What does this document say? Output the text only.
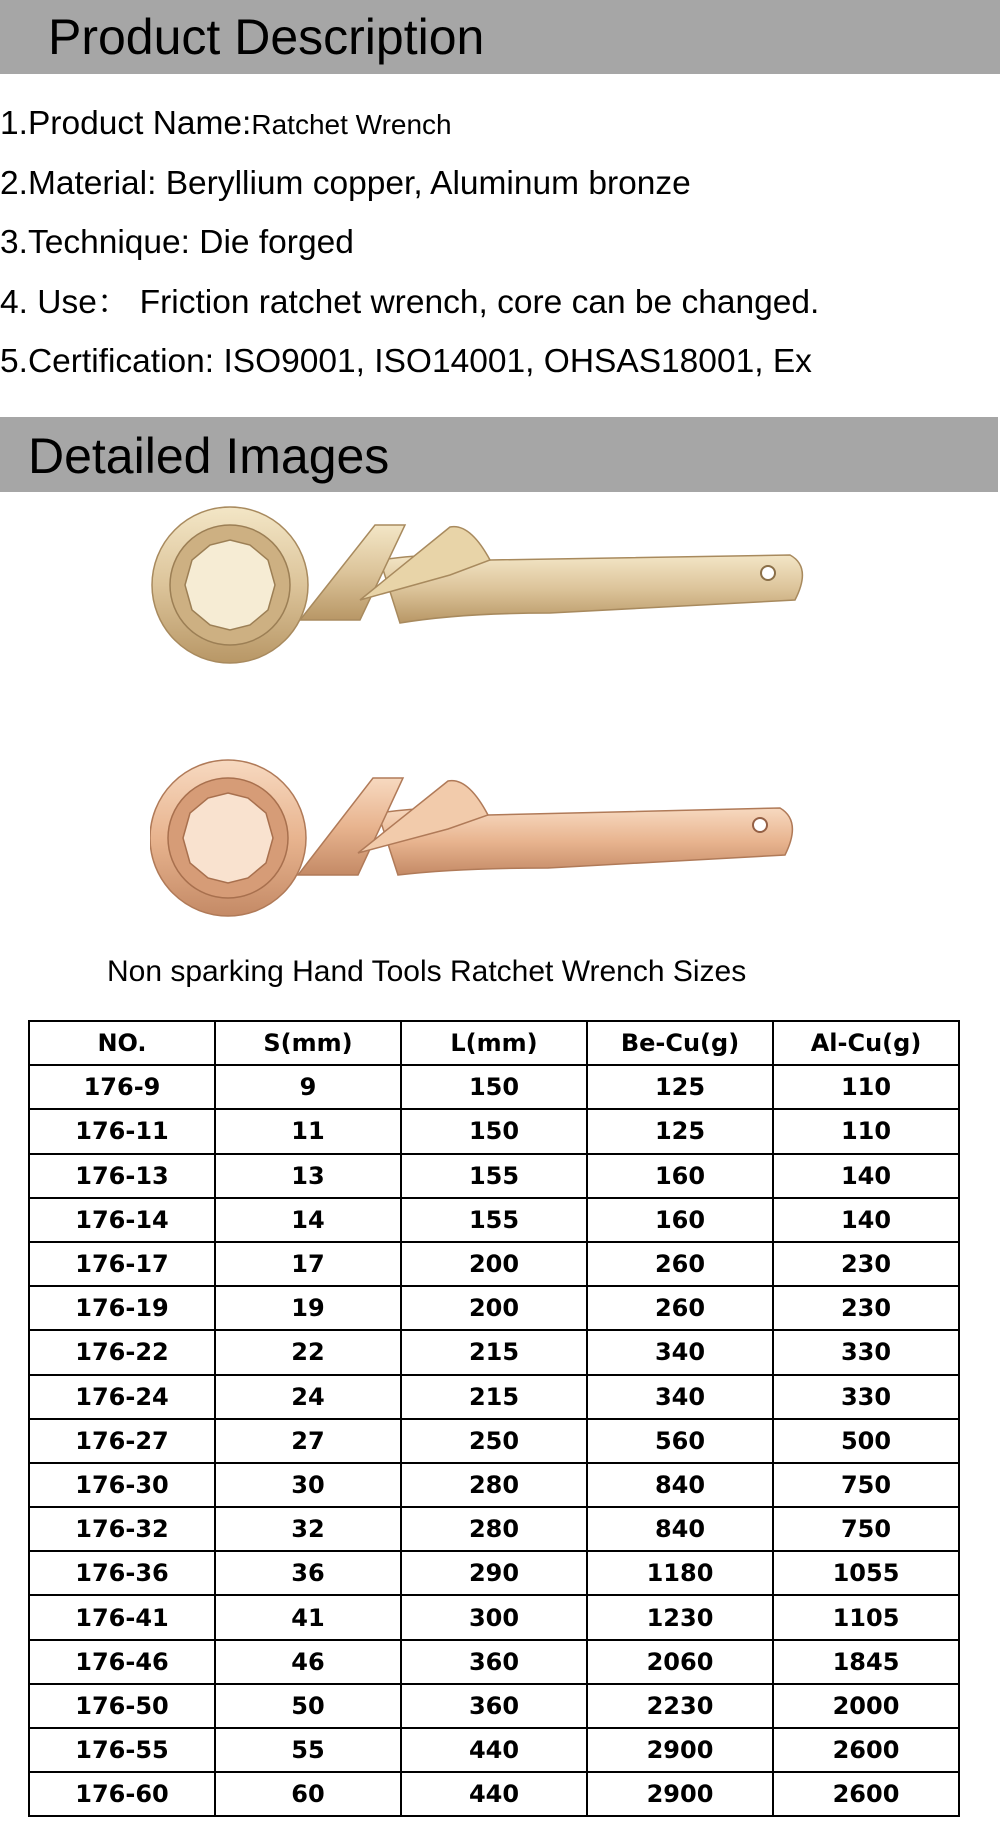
Product Description

1.Product Name:Ratchet Wrench

2.Material: Beryllium copper, Aluminum bronze

3.Technique: Die forged

4. Use： Friction ratchet wrench, core can be changed.

5.Certification: ISO9001, ISO14001, OHSAS18001, Ex

Detailed Images

Non sparking Hand Tools Ratchet Wrench Sizes

NO.	S(mm)	L(mm)	Be-Cu(g)	Al-Cu(g)
176-9	9	150	125	110
176-11	11	150	125	110
176-13	13	155	160	140
176-14	14	155	160	140
176-17	17	200	260	230
176-19	19	200	260	230
176-22	22	215	340	330
176-24	24	215	340	330
176-27	27	250	560	500
176-30	30	280	840	750
176-32	32	280	840	750
176-36	36	290	1180	1055
176-41	41	300	1230	1105
176-46	46	360	2060	1845
176-50	50	360	2230	2000
176-55	55	440	2900	2600
176-60	60	440	2900	2600
